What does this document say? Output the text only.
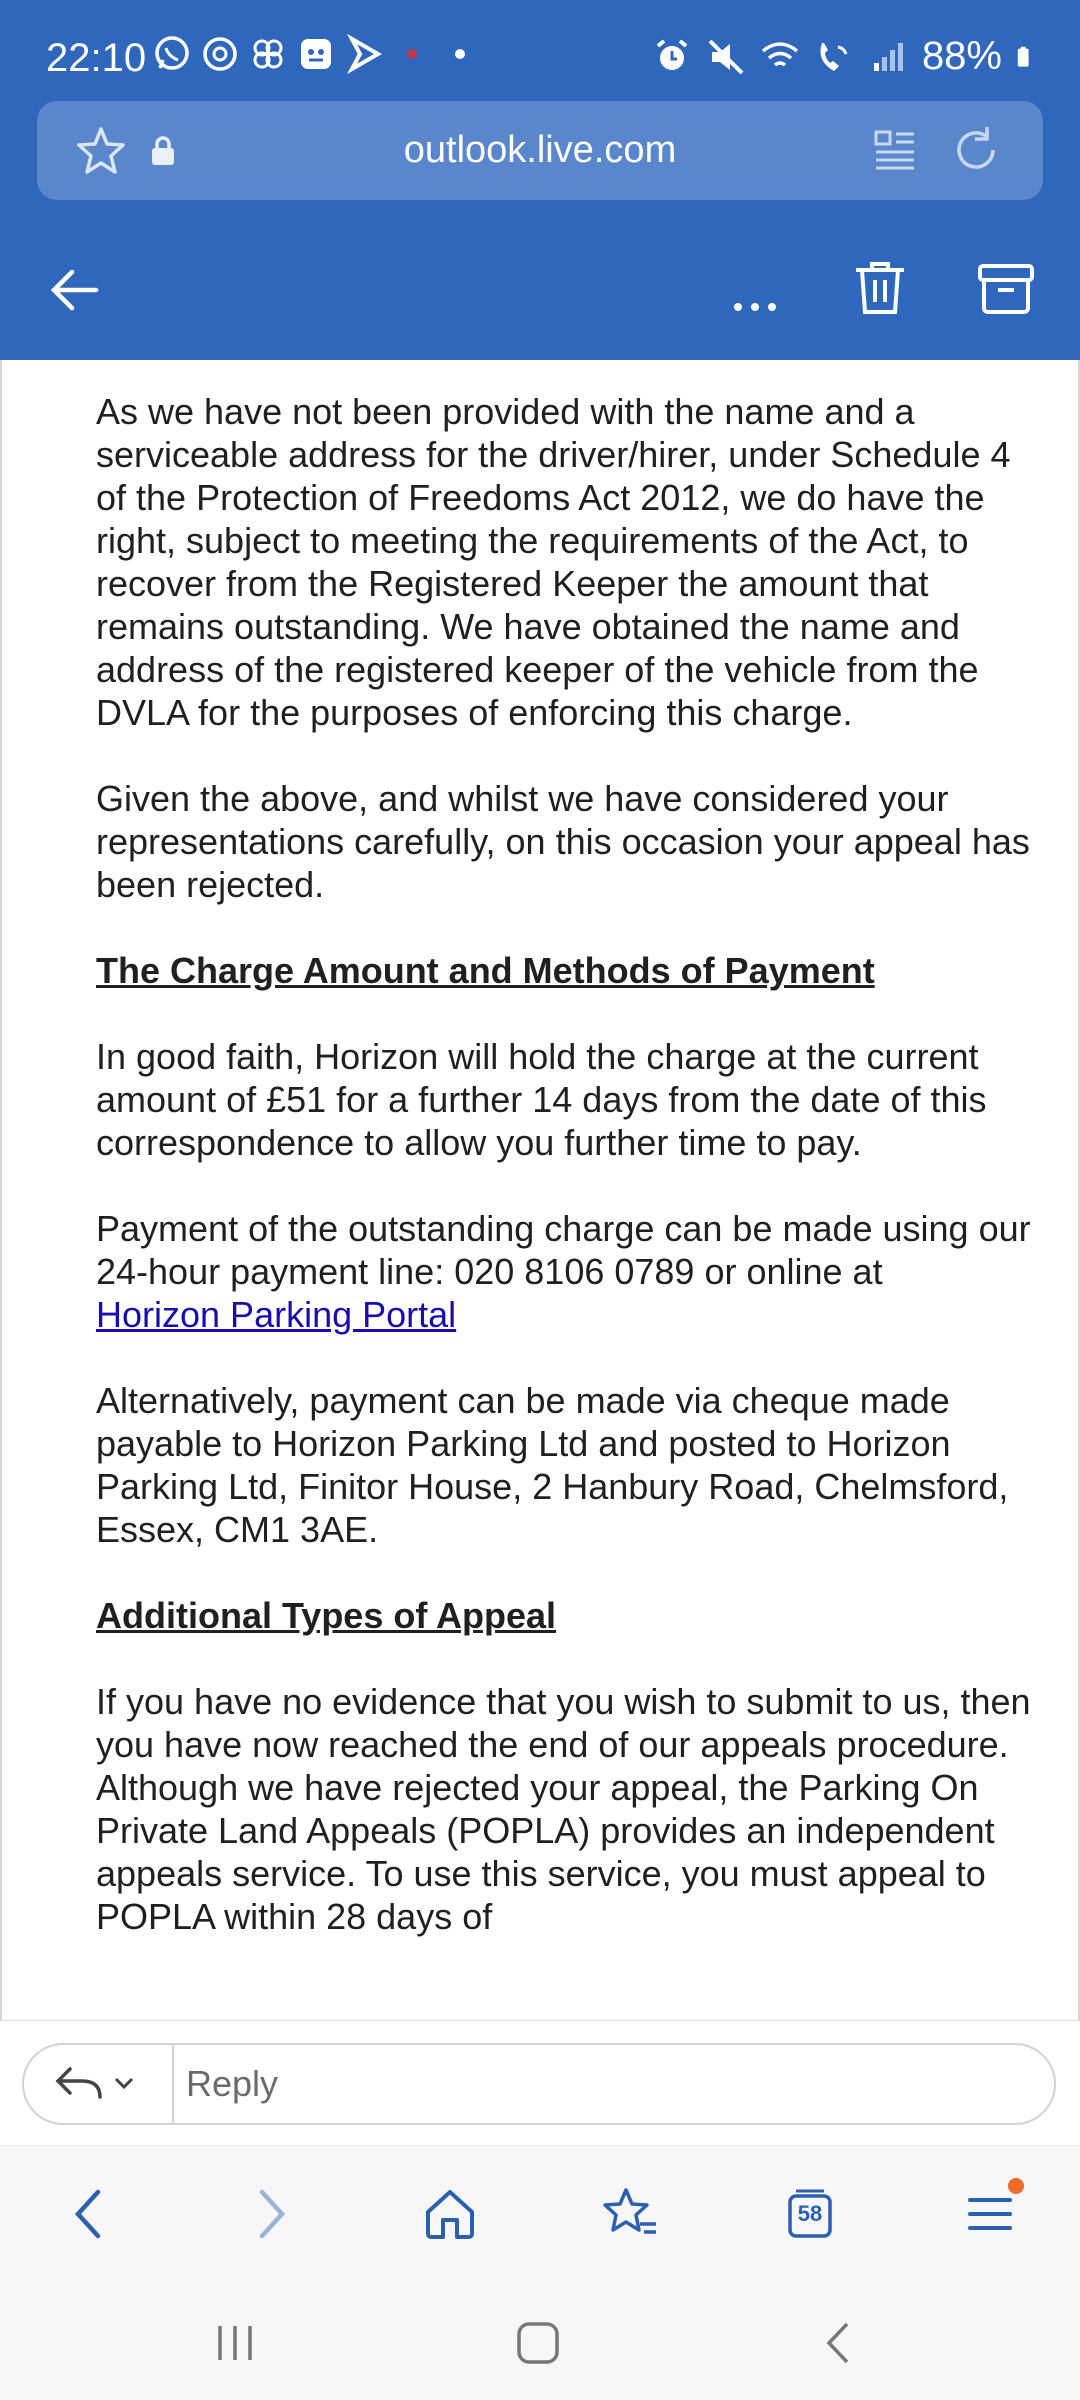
22:10	88%
outlook.live.com

As we have not been provided with the name and a serviceable address for the driver/hirer, under Schedule 4 of the Protection of Freedoms Act 2012, we do have the right, subject to meeting the requirements of the Act, to recover from the Registered Keeper the amount that remains outstanding. We have obtained the name and address of the registered keeper of the vehicle from the DVLA for the purposes of enforcing this charge.

Given the above, and whilst we have considered your representations carefully, on this occasion your appeal has been rejected.

The Charge Amount and Methods of Payment

In good faith, Horizon will hold the charge at the current amount of £51 for a further 14 days from the date of this correspondence to allow you further time to pay.

Payment of the outstanding charge can be made using our 24-hour payment line: 020 8106 0789 or online at
Horizon Parking Portal

Alternatively, payment can be made via cheque made payable to Horizon Parking Ltd and posted to Horizon Parking Ltd, Finitor House, 2 Hanbury Road, Chelmsford, Essex, CM1 3AE.

Additional Types of Appeal

If you have no evidence that you wish to submit to us, then you have now reached the end of our appeals procedure. Although we have rejected your appeal, the Parking On Private Land Appeals (POPLA) provides an independent appeals service. To use this service, you must appeal to POPLA within 28 days of

Reply
58
